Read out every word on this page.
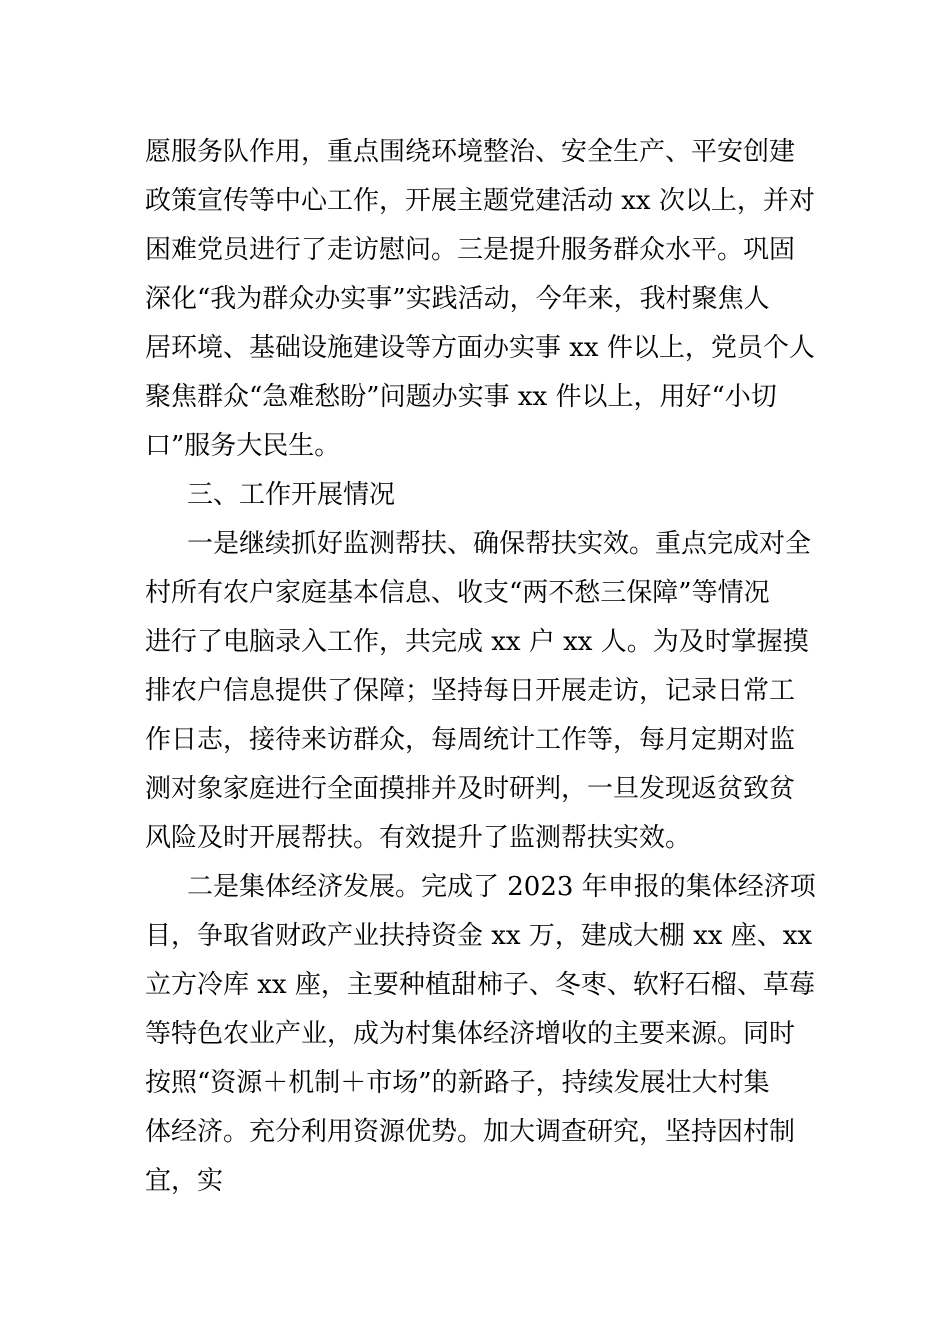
愿服务队作用，重点围绕环境整治、安全生产、平安创建

政策宣传等中心工作，开展主题党建活动 xx 次以上，并对

困难党员进行了走访慰问。三是提升服务群众水平。巩固

深化“我为群众办实事”实践活动，今年来，我村聚焦人

居环境、基础设施建设等方面办实事 xx 件以上，党员个人

聚焦群众“急难愁盼”问题办实事 xx 件以上，用好“小切

口”服务大民生。

三、工作开展情况

一是继续抓好监测帮扶、确保帮扶实效。重点完成对全

村所有农户家庭基本信息、收支“两不愁三保障”等情况

进行了电脑录入工作，共完成 xx 户 xx 人。为及时掌握摸

排农户信息提供了保障；坚持每日开展走访，记录日常工

作日志，接待来访群众，每周统计工作等，每月定期对监

测对象家庭进行全面摸排并及时研判，一旦发现返贫致贫

风险及时开展帮扶。有效提升了监测帮扶实效。

二是集体经济发展。完成了 2023 年申报的集体经济项

目，争取省财政产业扶持资金 xx 万，建成大棚 xx 座、xx

立方冷库 xx 座，主要种植甜柿子、冬枣、软籽石榴、草莓

等特色农业产业，成为村集体经济增收的主要来源。同时

按照“资源＋机制＋市场”的新路子，持续发展壮大村集

体经济。充分利用资源优势。加大调查研究，坚持因村制

宜，实
